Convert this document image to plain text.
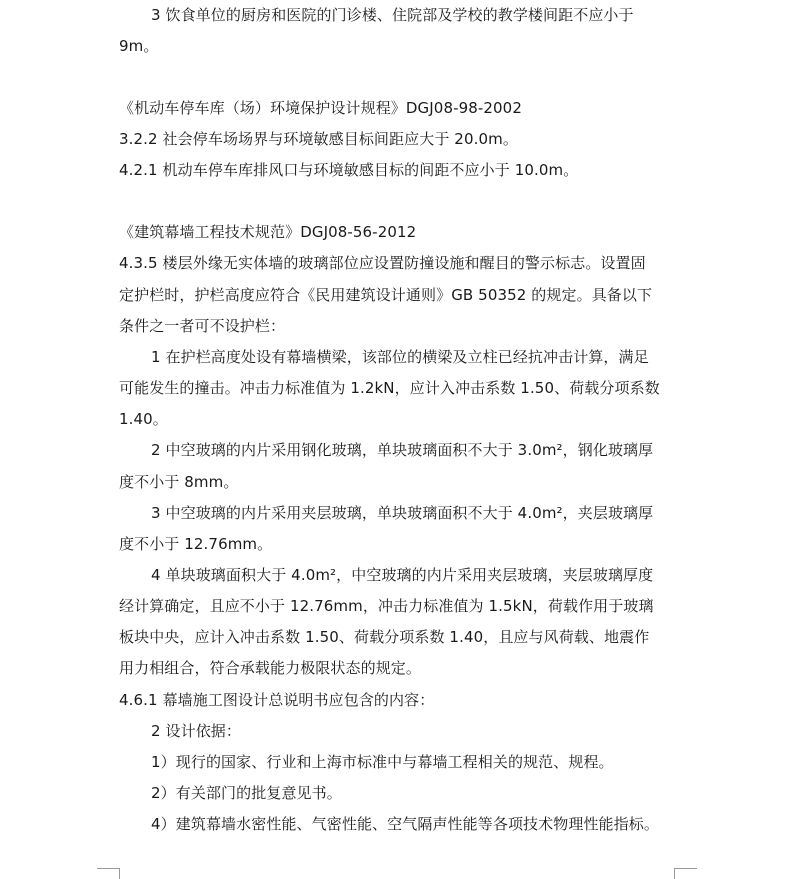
3 饮食单位的厨房和医院的门诊楼、住院部及学校的教学楼间距不应小于
9m。
《机动车停车库（场）环境保护设计规程》DGJ08-98-2002
3.2.2 社会停车场场界与环境敏感目标间距应大于 20.0m。
4.2.1 机动车停车库排风口与环境敏感目标的间距不应小于 10.0m。
《建筑幕墙工程技术规范》DGJ08-56-2012
4.3.5 楼层外缘无实体墙的玻璃部位应设置防撞设施和醒目的警示标志。设置固
定护栏时，护栏高度应符合《民用建筑设计通则》GB 50352 的规定。具备以下
条件之一者可不设护栏：
1 在护栏高度处设有幕墙横梁，该部位的横梁及立柱已经抗冲击计算，满足
可能发生的撞击。冲击力标准值为 1.2kN，应计入冲击系数 1.50、荷载分项系数
1.40。
2 中空玻璃的内片采用钢化玻璃，单块玻璃面积不大于 3.0m²，钢化玻璃厚
度不小于 8mm。
3 中空玻璃的内片采用夹层玻璃，单块玻璃面积不大于 4.0m²，夹层玻璃厚
度不小于 12.76mm。
4 单块玻璃面积大于 4.0m²，中空玻璃的内片采用夹层玻璃，夹层玻璃厚度
经计算确定，且应不小于 12.76mm，冲击力标准值为 1.5kN，荷载作用于玻璃
板块中央，应计入冲击系数 1.50、荷载分项系数 1.40，且应与风荷载、地震作
用力相组合，符合承载能力极限状态的规定。
4.6.1 幕墙施工图设计总说明书应包含的内容：
2 设计依据：
1）现行的国家、行业和上海市标准中与幕墙工程相关的规范、规程。
2）有关部门的批复意见书。
4）建筑幕墙水密性能、气密性能、空气隔声性能等各项技术物理性能指标。
